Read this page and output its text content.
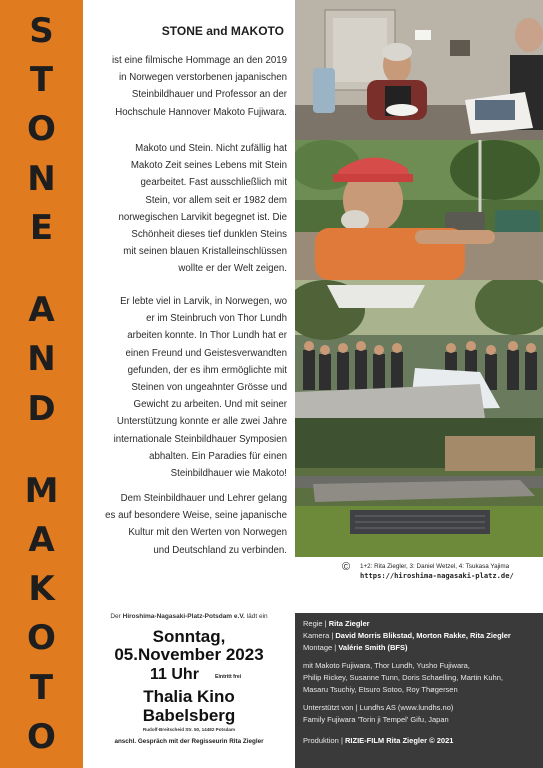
S
T
O
N
E
A
N
D
M
A
K
O
T
O
STONE and MAKOTO
ist eine filmische Hommage an den 2019
in Norwegen verstorbenen japanischen
Steinbildhauer und Professor an der
Hochschule Hannover Makoto Fujiwara.
Makoto und Stein. Nicht zufällig hat
Makoto Zeit seines Lebens mit Stein
gearbeitet. Fast ausschließlich mit
Stein, vor allem seit er 1982 dem
norwegischen Larvikit begegnet ist. Die
Schönheit dieses tief dunklen Steins
mit seinen blauen Kristalleinschlüssen
wollte er der Welt zeigen.
Er lebte viel in Larvik, in Norwegen, wo
er im Steinbruch von Thor Lundh
arbeiten konnte. In Thor Lundh hat er
einen Freund und Geistesverwandten
gefunden, der es ihm ermöglichte mit
Steinen von ungeahnter Grösse und
Gewicht zu arbeiten. Und mit seiner
Unterstützung konnte er alle zwei Jahre
internationale Steinbildhauer Symposien
abhalten. Ein Paradies für einen
Steinbildhauer wie Makoto!
Dem Steinbildhauer und Lehrer gelang
es auf besondere Weise, seine japanische
Kultur mit den Werten von Norwegen
und Deutschland zu verbinden.
© 1+2: Rita Ziegler, 3: Daniel Wetzel, 4: Tsukasa Yajima
https://hiroshima-nagasaki-platz.de/
Der Hiroshima-Nagasaki-Platz-Potsdam e.V. lädt ein
Sonntag,
05.November 2023
11 Uhr	Eintritt frei
Thalia Kino
Babelsberg
Rudolf-Breitscheid Str. 50, 14482 Potsdam
anschl. Gespräch mit der Regisseurin Rita Ziegler
Regie | Rita Ziegler
Kamera | David Morris Blikstad, Morton Rakke, Rita Ziegler
Montage | Valérie Smith (BFS)
mit Makoto Fujiwara, Thor Lundh, Yusho Fujiwara,
Philip Rickey, Susanne Tunn, Doris Schaelling, Martin Kuhn,
Masaru Tsuchiy, Etsuro Sotoo, Roy Thøgersen
Unterstützt von | Lundhs AS (www.lundhs.no)
Family Fujiwara 'Torin ji Tempel' Gifu, Japan
Produktion | RIZIE-FILM Rita Ziegler © 2021
